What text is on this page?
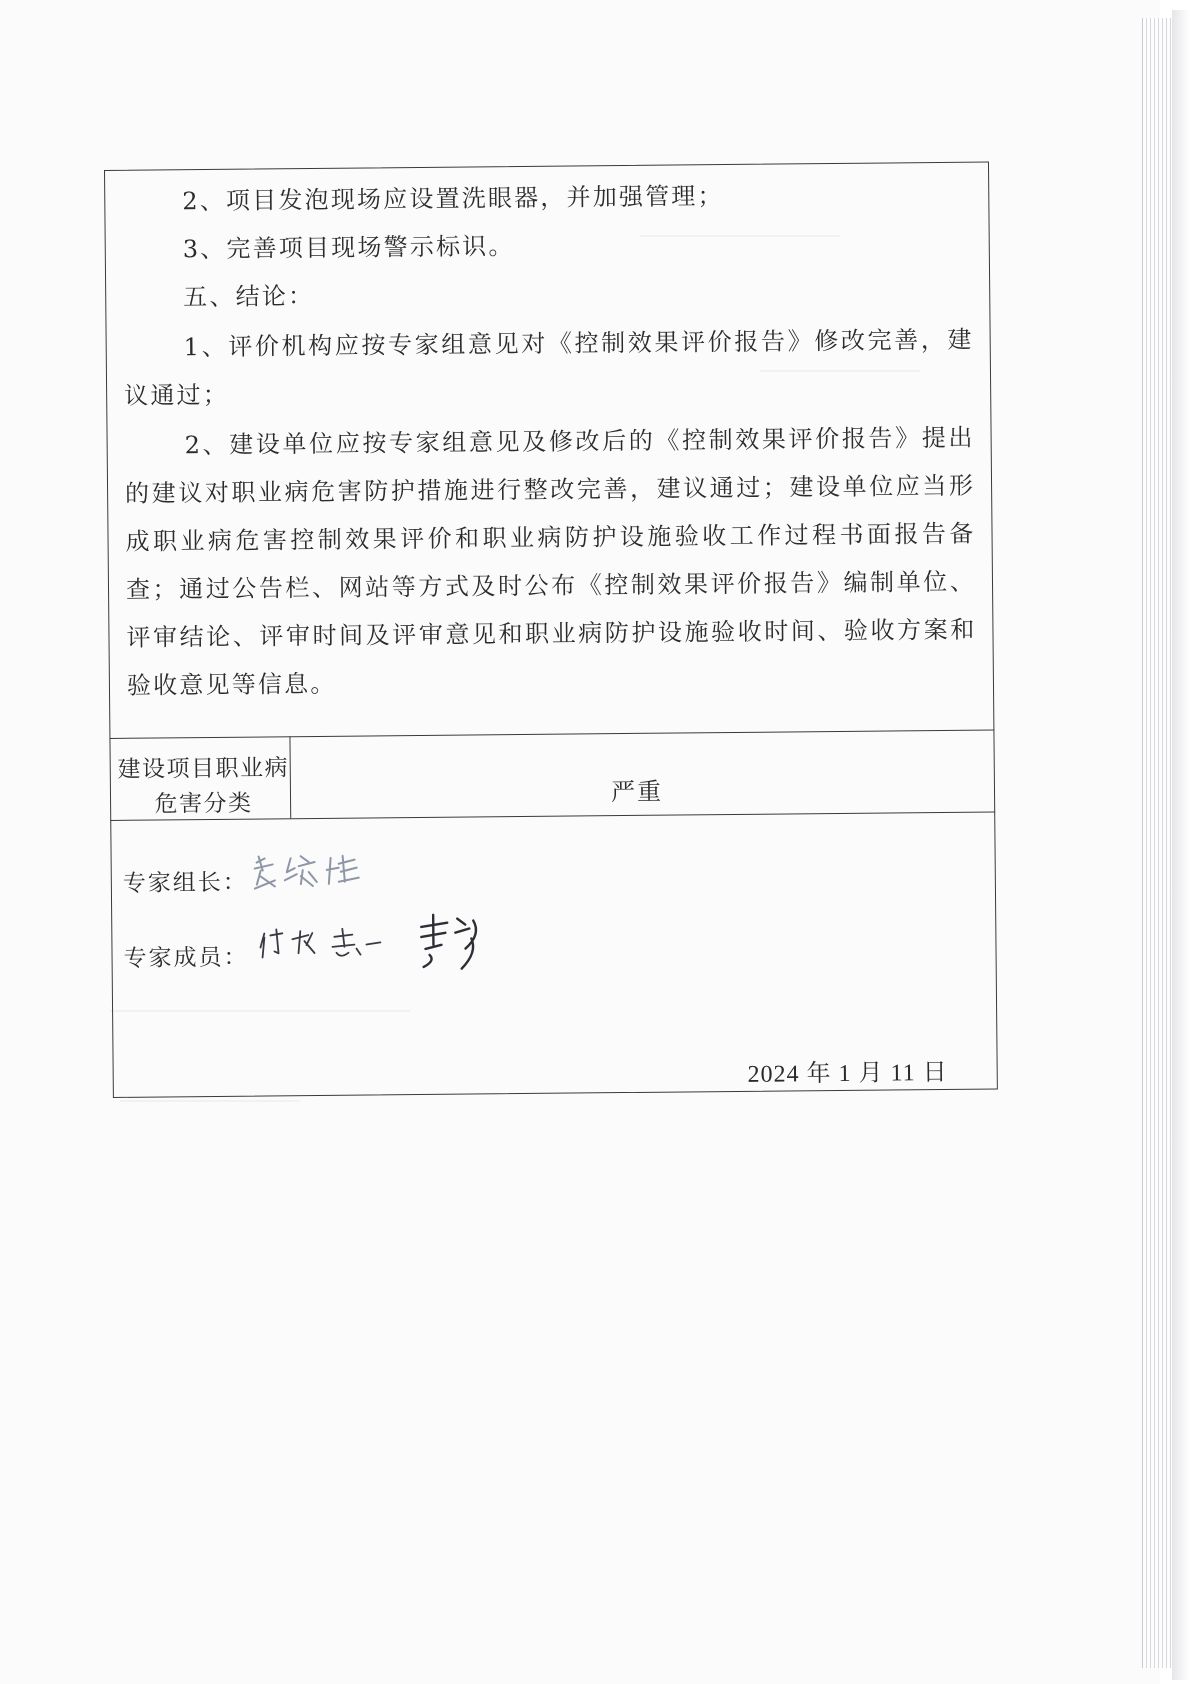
2、项目发泡现场应设置洗眼器，并加强管理；

3、完善项目现场警示标识。

五、结论：

1、评价机构应按专家组意见对《控制效果评价报告》修改完善，建议通过；

2、建设单位应按专家组意见及修改后的《控制效果评价报告》提出的建议对职业病危害防护措施进行整改完善，建议通过；建设单位应当形成职业病危害控制效果评价和职业病防护设施验收工作过程书面报告备查；通过公告栏、网站等方式及时公布《控制效果评价报告》编制单位、评审结论、评审时间及评审意见和职业病防护设施验收时间、验收方案和验收意见等信息。

建设项目职业病危害分类	严重
专家组长：
专家成员：
2024 年 1 月 11 日
